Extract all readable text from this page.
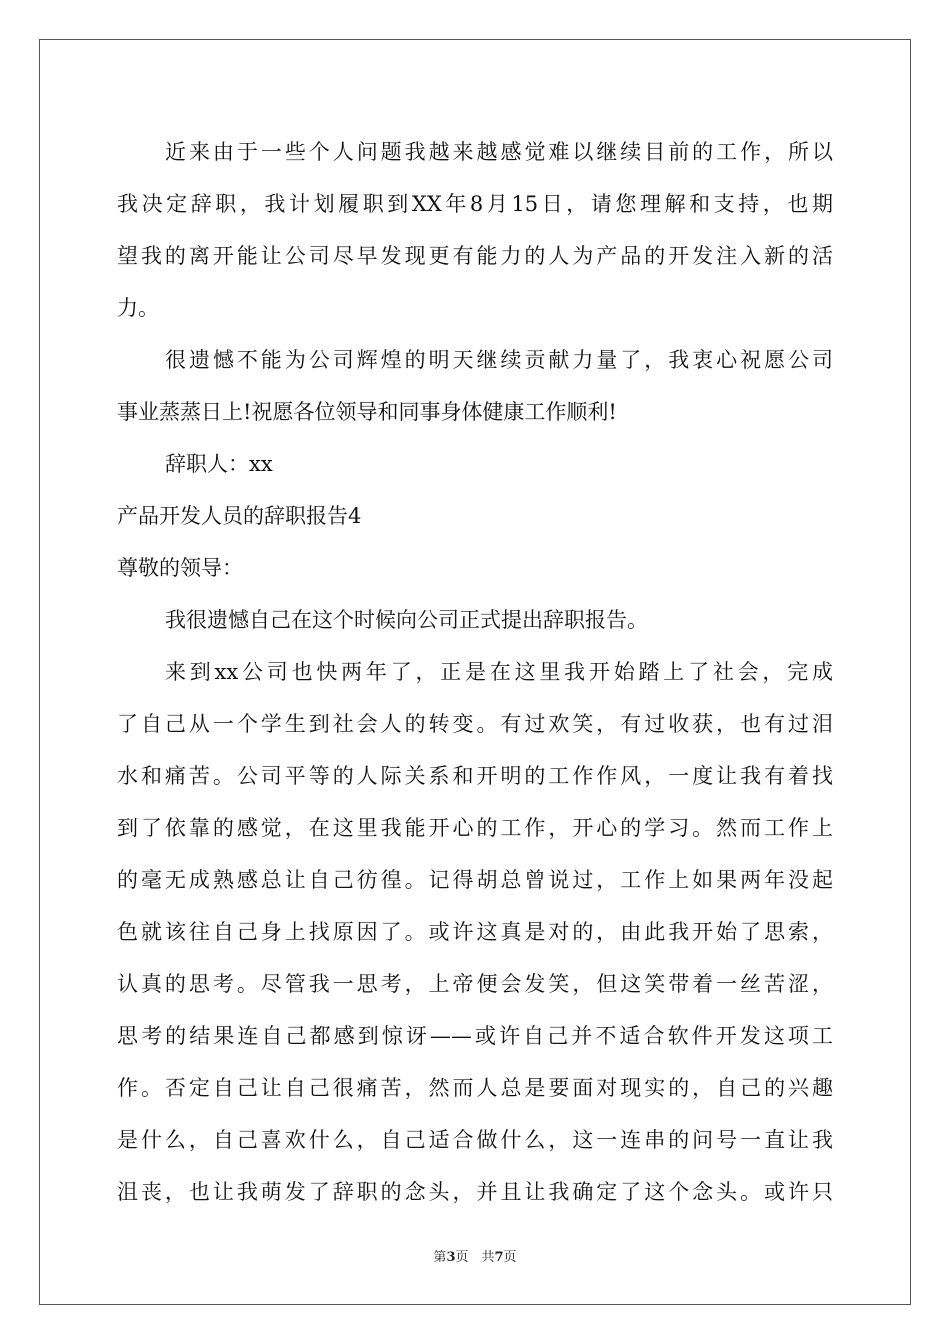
近来由于一些个人问题我越来越感觉难以继续目前的工作，所以
我决定辞职，我计划履职到XX年8月15日，请您理解和支持，也期
望我的离开能让公司尽早发现更有能力的人为产品的开发注入新的活
力。
很遗憾不能为公司辉煌的明天继续贡献力量了，我衷心祝愿公司
事业蒸蒸日上!祝愿各位领导和同事身体健康工作顺利!
辞职人：xx
产品开发人员的辞职报告4
尊敬的领导：
我很遗憾自己在这个时候向公司正式提出辞职报告。
来到xx公司也快两年了，正是在这里我开始踏上了社会，完成
了自己从一个学生到社会人的转变。有过欢笑，有过收获，也有过泪
水和痛苦。公司平等的人际关系和开明的工作作风，一度让我有着找
到了依靠的感觉，在这里我能开心的工作，开心的学习。然而工作上
的毫无成熟感总让自己彷徨。记得胡总曾说过，工作上如果两年没起
色就该往自己身上找原因了。或许这真是对的，由此我开始了思索，
认真的思考。尽管我一思考，上帝便会发笑，但这笑带着一丝苦涩，
思考的结果连自己都感到惊讶——或许自己并不适合软件开发这项工
作。否定自己让自己很痛苦，然而人总是要面对现实的，自己的兴趣
是什么，自己喜欢什么，自己适合做什么，这一连串的问号一直让我
沮丧，也让我萌发了辞职的念头，并且让我确定了这个念头。或许只
第3页　共7页
